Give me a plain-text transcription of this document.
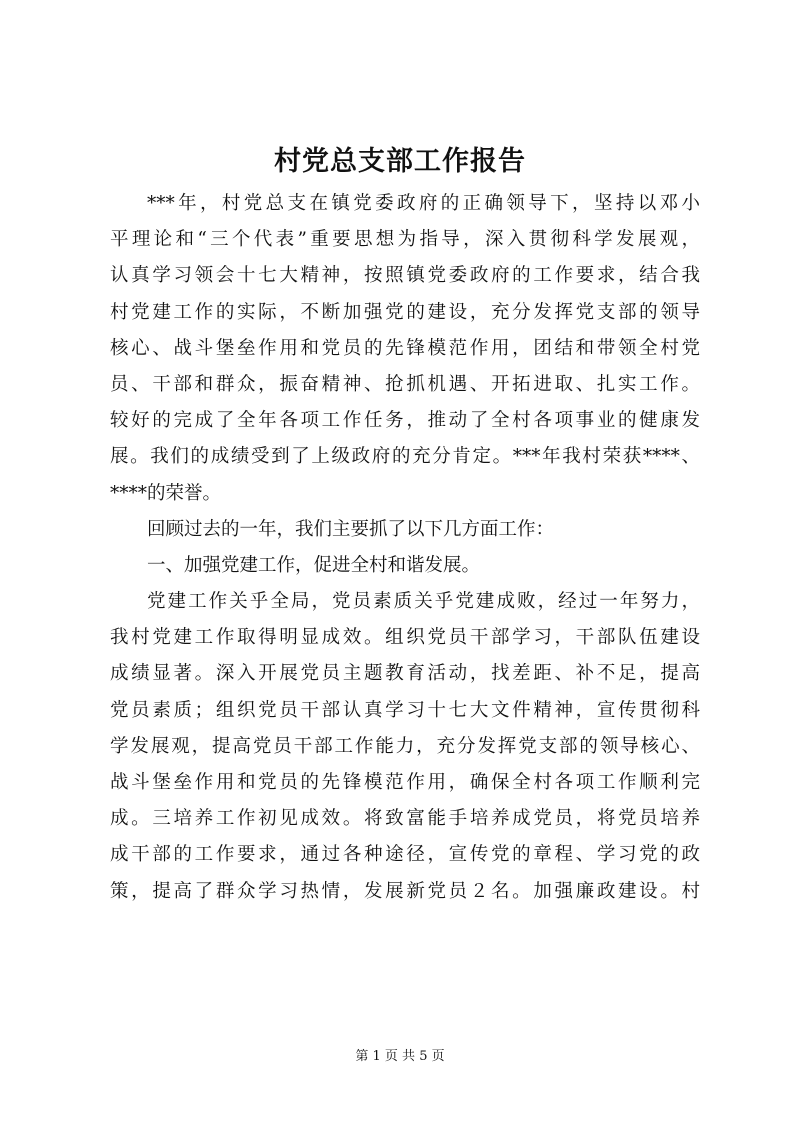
村党总支部工作报告
***年，村党总支在镇党委政府的正确领导下，坚持以邓小
平理论和“三个代表”重要思想为指导，深入贯彻科学发展观，
认真学习领会十七大精神，按照镇党委政府的工作要求，结合我
村党建工作的实际，不断加强党的建设，充分发挥党支部的领导
核心、战斗堡垒作用和党员的先锋模范作用，团结和带领全村党
员、干部和群众，振奋精神、抢抓机遇、开拓进取、扎实工作。
较好的完成了全年各项工作任务，推动了全村各项事业的健康发
展。我们的成绩受到了上级政府的充分肯定。***年我村荣获****、
****的荣誉。
回顾过去的一年，我们主要抓了以下几方面工作：
一、加强党建工作，促进全村和谐发展。
党建工作关乎全局，党员素质关乎党建成败，经过一年努力，
我村党建工作取得明显成效。组织党员干部学习，干部队伍建设
成绩显著。深入开展党员主题教育活动，找差距、补不足，提高
党员素质；组织党员干部认真学习十七大文件精神，宣传贯彻科
学发展观，提高党员干部工作能力，充分发挥党支部的领导核心、
战斗堡垒作用和党员的先锋模范作用，确保全村各项工作顺利完
成。三培养工作初见成效。将致富能手培养成党员，将党员培养
成干部的工作要求，通过各种途径，宣传党的章程、学习党的政
策，提高了群众学习热情，发展新党员２名。加强廉政建设。村
第 1 页 共 5 页
